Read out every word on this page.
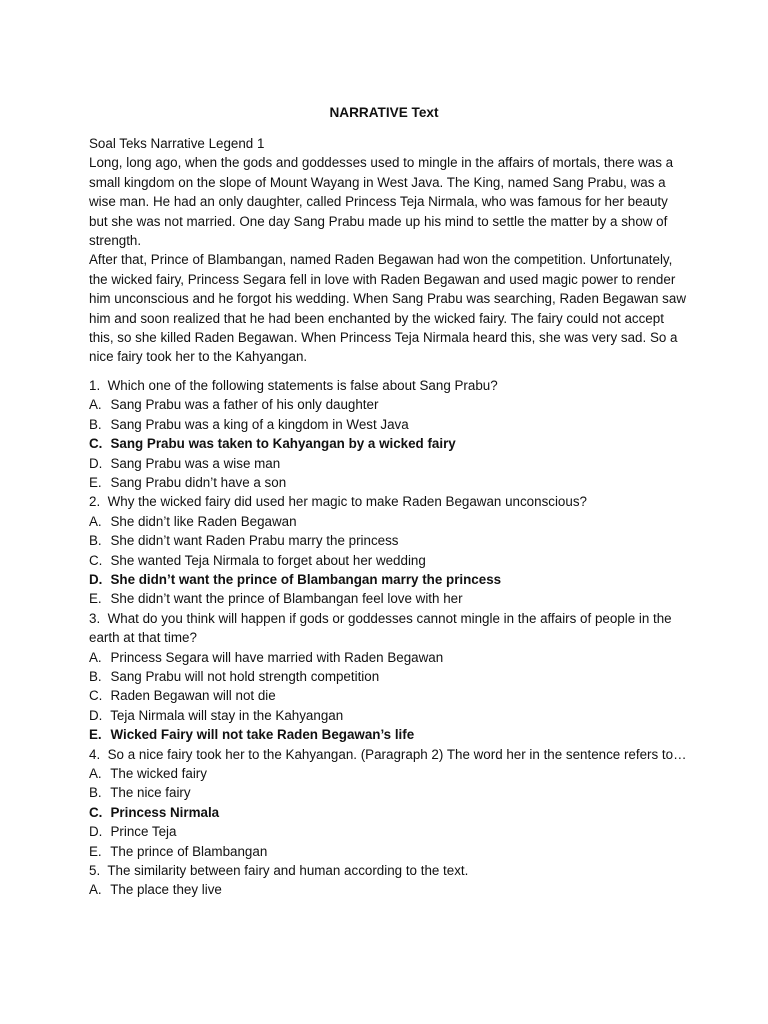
NARRATIVE Text

Soal Teks Narrative Legend 1

Long, long ago, when the gods and goddesses used to mingle in the affairs of mortals, there was a small kingdom on the slope of Mount Wayang in West Java. The King, named Sang Prabu, was a wise man. He had an only daughter, called Princess Teja Nirmala, who was famous for her beauty but she was not married. One day Sang Prabu made up his mind to settle the matter by a show of strength.

After that, Prince of Blambangan, named Raden Begawan had won the competition. Unfortunately, the wicked fairy, Princess Segara fell in love with Raden Begawan and used magic power to render him unconscious and he forgot his wedding. When Sang Prabu was searching, Raden Begawan saw him and soon realized that he had been enchanted by the wicked fairy. The fairy could not accept this, so she killed Raden Begawan. When Princess Teja Nirmala heard this, she was very sad. So a nice fairy took her to the Kahyangan.

1. Which one of the following statements is false about Sang Prabu?
A. Sang Prabu was a father of his only daughter
B. Sang Prabu was a king of a kingdom in West Java
C. Sang Prabu was taken to Kahyangan by a wicked fairy
D. Sang Prabu was a wise man
E. Sang Prabu didn’t have a son
2. Why the wicked fairy did used her magic to make Raden Begawan unconscious?
A. She didn’t like Raden Begawan
B. She didn’t want Raden Prabu marry the princess
C. She wanted Teja Nirmala to forget about her wedding
D. She didn’t want the prince of Blambangan marry the princess
E. She didn’t want the prince of Blambangan feel love with her
3. What do you think will happen if gods or goddesses cannot mingle in the affairs of people in the earth at that time?
A. Princess Segara will have married with Raden Begawan
B. Sang Prabu will not hold strength competition
C. Raden Begawan will not die
D. Teja Nirmala will stay in the Kahyangan
E. Wicked Fairy will not take Raden Begawan’s life
4. So a nice fairy took her to the Kahyangan. (Paragraph 2) The word her in the sentence refers to…
A. The wicked fairy
B. The nice fairy
C. Princess Nirmala
D. Prince Teja
E. The prince of Blambangan
5. The similarity between fairy and human according to the text.
A. The place they live
